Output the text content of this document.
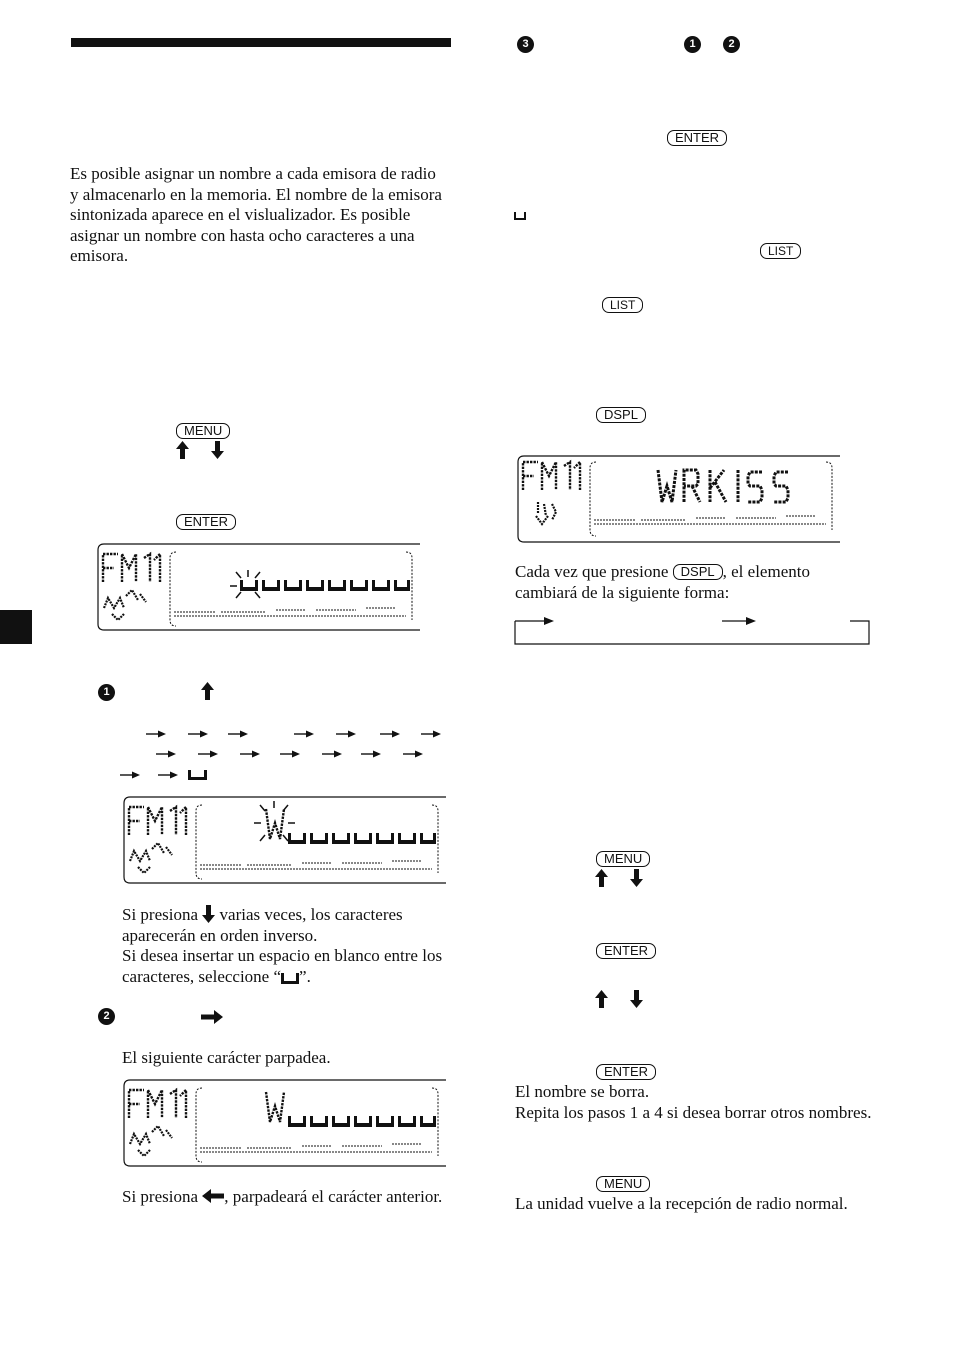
Es posible asignar un nombre a cada emisora de radio y almacenarlo en la memoria. El nombre de la emisora sintonizada aparece en el vislualizador. Es posible asignar un nombre con hasta ocho caracteres a una emisora.

MENU
ENTER
1

Si presiona varias veces, los caracteres aparecerán en orden inverso.
Si desea insertar un espacio en blanco entre los caracteres, seleccione “ ”.

2

El siguiente carácter parpadea.

Si presiona , parpadeará el carácter anterior.

3	1	2
ENTER
LIST
LIST
DSPL

Cada vez que presione DSPL , el elemento cambiará de la siguiente forma:

MENU
ENTER
ENTER

El nombre se borra.
Repita los pasos 1 a 4 si desea borrar otros nombres.

MENU

La unidad vuelve a la recepción de radio normal.
